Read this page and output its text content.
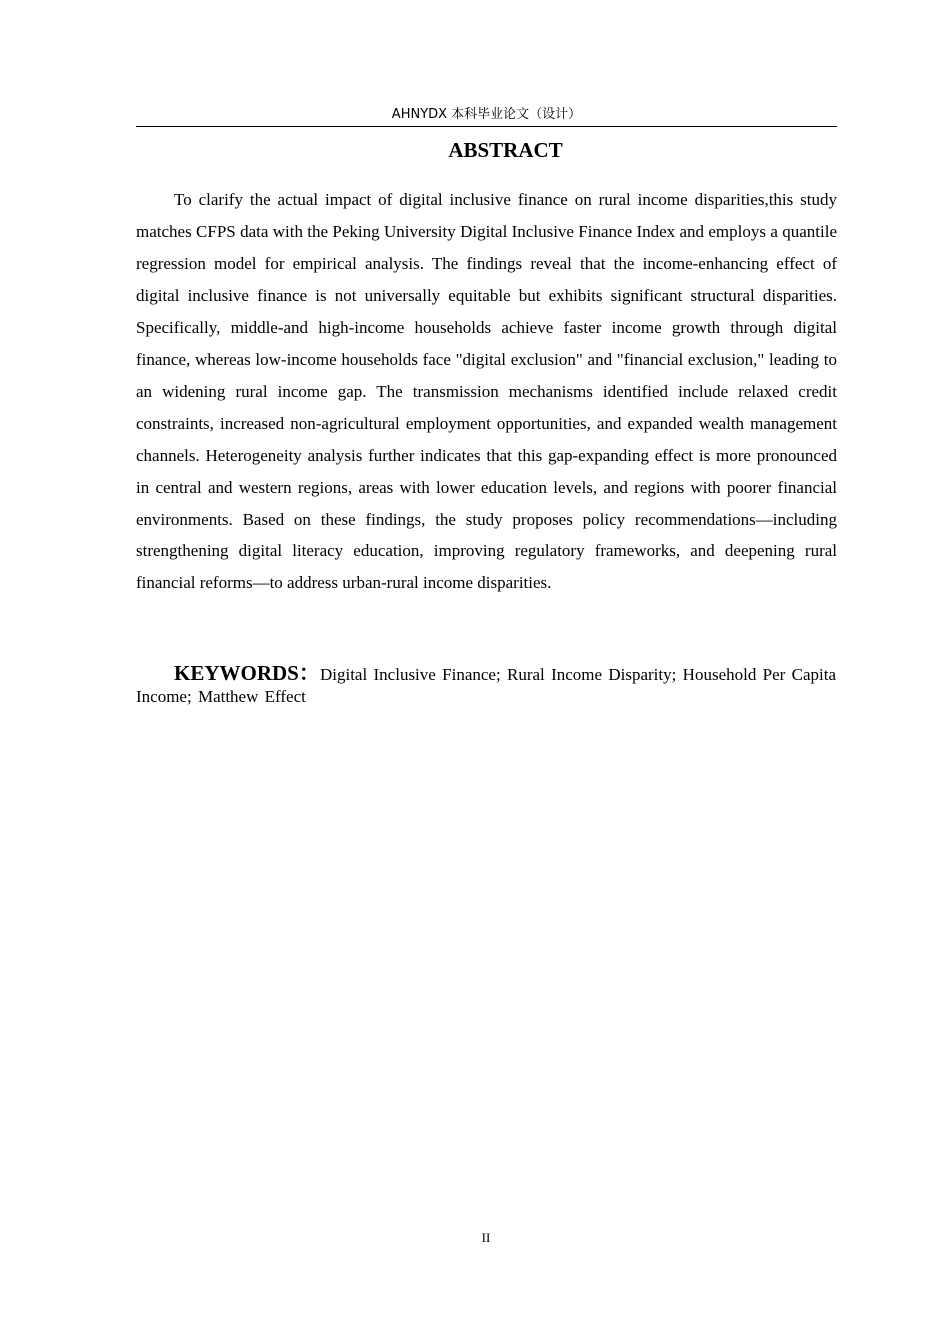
AHNYDX 本科毕业论文（设计）
ABSTRACT

To clarify the actual impact of digital inclusive finance on rural income disparities,this study matches CFPS data with the Peking University Digital Inclusive Finance Index and employs a quantile regression model for empirical analysis. The findings reveal that the income-enhancing effect of digital inclusive finance is not universally equitable but exhibits significant structural disparities. Specifically, middle-and high-income households achieve faster income growth through digital finance, whereas low-income households face "digital exclusion" and "financial exclusion," leading to an widening rural income gap. The transmission mechanisms identified include relaxed credit constraints, increased non-agricultural employment opportunities, and expanded wealth management channels. Heterogeneity analysis further indicates that this gap-expanding effect is more pronounced in central and western regions, areas with lower education levels, and regions with poorer financial environments. Based on these findings, the study proposes policy recommendations—including strengthening digital literacy education, improving regulatory frameworks, and deepening rural financial reforms—to address urban-rural income disparities.

KEYWORDS：Digital Inclusive Finance; Rural Income Disparity; Household Per Capita Income; Matthew Effect

II
